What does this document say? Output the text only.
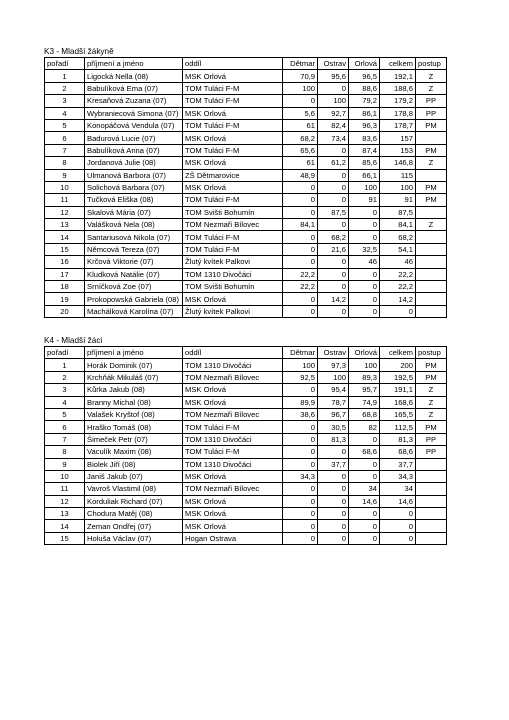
K3 - Mladší žákyně
pořadí	příjmení a jméno	oddíl	Dětmar	Ostrav	Orlová	celkem	postup
1	Ligocká Nella (08)	MSK Orlová	70,9	95,6	96,5	192,1	Z
2	Babulíková Ema (07)	TOM Tuláci F-M	100	0	88,6	188,6	Z
3	Kresaňová Zuzana (07)	TOM Tuláci F-M	0	100	79,2	179,2	PP
4	Wybraniecová Simona (07)	MSK Orlová	5,6	92,7	86,1	178,8	PP
5	Konopáčová Vendula (07)	TOM Tuláci F-M	61	82,4	96,3	178,7	PM
6	Badurová Lucie (07)	MSK Orlová	68,2	73,4	83,6	157	
7	Babulíková Anna (07)	TOM Tuláci F-M	65,6	0	87,4	153	PM
8	Jordanová Julie (08)	MSK Orlová	61	61,2	85,6	146,8	Z
9	Ulmanová Barbora (07)	ZŠ Dětmarovice	48,9	0	66,1	115	
10	Solichová Barbara (07)	MSK Orlová	0	0	100	100	PM
11	Tučková Eliška (08)	TOM Tuláci F-M	0	0	91	91	PM
12	Skalová Mária (07)	TOM Svišti Bohumín	0	87,5	0	87,5	
13	Valášková Nela (08)	TOM Nezmaři Bílovec	84,1	0	0	84,1	Z
14	Santariusová Nikola (07)	TOM Tuláci F-M	0	68,2	0	68,2	
15	Němcová Tereza (07)	TOM Tuláci F-M	0	21,6	32,5	54,1	
16	Krčová Viktorie (07)	Žlutý kvítek Palkovi	0	0	46	46	
17	Kludková Natálie (07)	TOM 1310 Divočáci	22,2	0	0	22,2	
18	Srníčková Zoe (07)	TOM Svišti Bohumín	22,2	0	0	22,2	
19	Prokopowská Gabriela (08)	MSK Orlová	0	14,2	0	14,2	
20	Machálková Karolína (07)	Žlutý kvítek Palkovi	0	0	0	0	
K4 - Mladší žáci
pořadí	příjmení a jméno	oddíl	Dětmar	Ostrav	Orlová	celkem	postup
1	Horák Dominik (07)	TOM 1310 Divočáci	100	97,3	100	200	PM
2	Krchňák Mikuláš (07)	TOM Nezmaři Bílovec	92,5	100	89,3	192,5	PM
3	Kůrka Jakub (08)	MSK Orlová	0	95,4	95,7	191,1	Z
4	Branny Michal (08)	MSK Orlová	89,9	78,7	74,9	168,6	Z
5	Valašek Kryštof (08)	TOM Nezmaři Bílovec	38,6	96,7	68,8	165,5	Z
6	Hraško Tomáš (08)	TOM Tuláci F-M	0	30,5	82	112,5	PM
7	Šimeček Petr (07)	TOM 1310 Divočáci	0	81,3	0	81,3	PP
8	Vaculík Maxim (08)	TOM Tuláci F-M	0	0	68,6	68,6	PP
9	Biolek Jiří (08)	TOM 1310 Divočáci	0	37,7	0	37,7	
10	Janiš Jakub (07)	MSK Orlová	34,3	0	0	34,3	
11	Vavroš Vlastimil (08)	TOM Nezmaři Bílovec	0	0	34	34	
12	Korduliak Richard (07)	MSK Orlová	0	0	14,6	14,6	
13	Chodura Matěj (08)	MSK Orlová	0	0	0	0	
14	Zeman Ondřej (07)	MSK Orlová	0	0	0	0	
15	Holuša Václav (07)	Hogan Ostrava	0	0	0	0	
